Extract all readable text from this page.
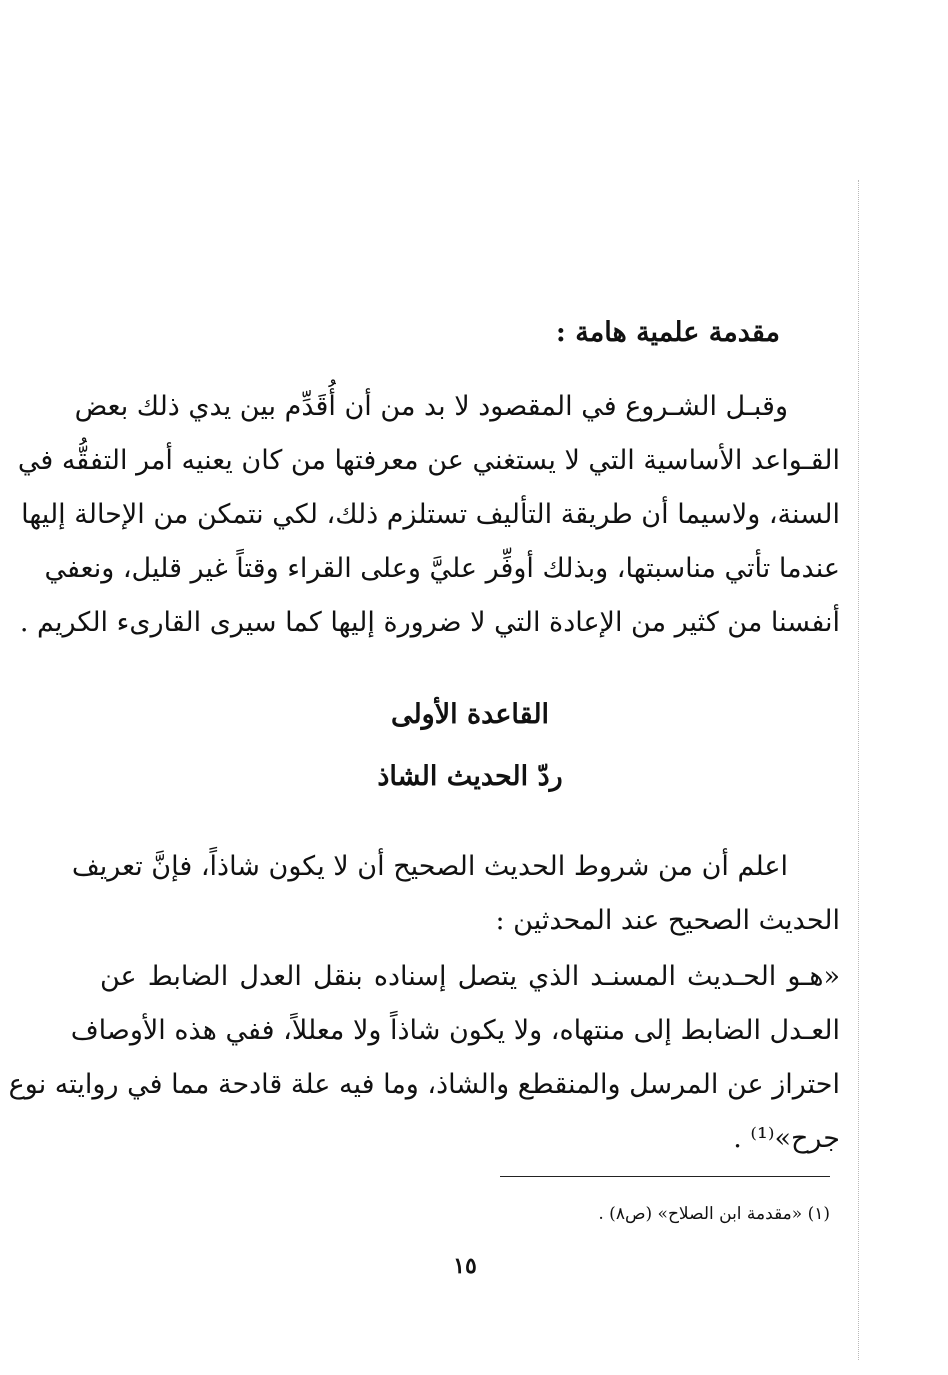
مقدمة علمية هامة :
وقبـل الشـروع في المقصود لا بد من أن أُقَدِّم بين يدي ذلك بعض
القـواعد الأساسية التي لا يستغني عن معرفتها من كان يعنيه أمر التفقُّه في
السنة، ولاسيما أن طريقة التأليف تستلزم ذلك، لكي نتمكن من الإحالة إليها
عندما تأتي مناسبتها، وبذلك أوفِّر عليَّ وعلى القراء وقتاً غير قليل، ونعفي
أنفسنا من كثير من الإعادة التي لا ضرورة إليها كما سيرى القارىء الكريم .
القاعدة الأولى
ردّ الحديث الشاذ
اعلم أن من شروط الحديث الصحيح أن لا يكون شاذاً، فإنَّ تعريف
الحديث الصحيح عند المحدثين :
«هـو الحـديث المسنـد الذي يتصل إسناده بنقل العدل الضابط عن
العـدل الضابط إلى منتهاه، ولا يكون شاذاً ولا معللاً، ففي هذه الأوصاف
احتراز عن المرسل والمنقطع والشاذ، وما فيه علة قادحة مما في روايته نوع
جرح»⁽¹⁾ .
(١) «مقدمة ابن الصلاح» (ص٨) .
١٥
